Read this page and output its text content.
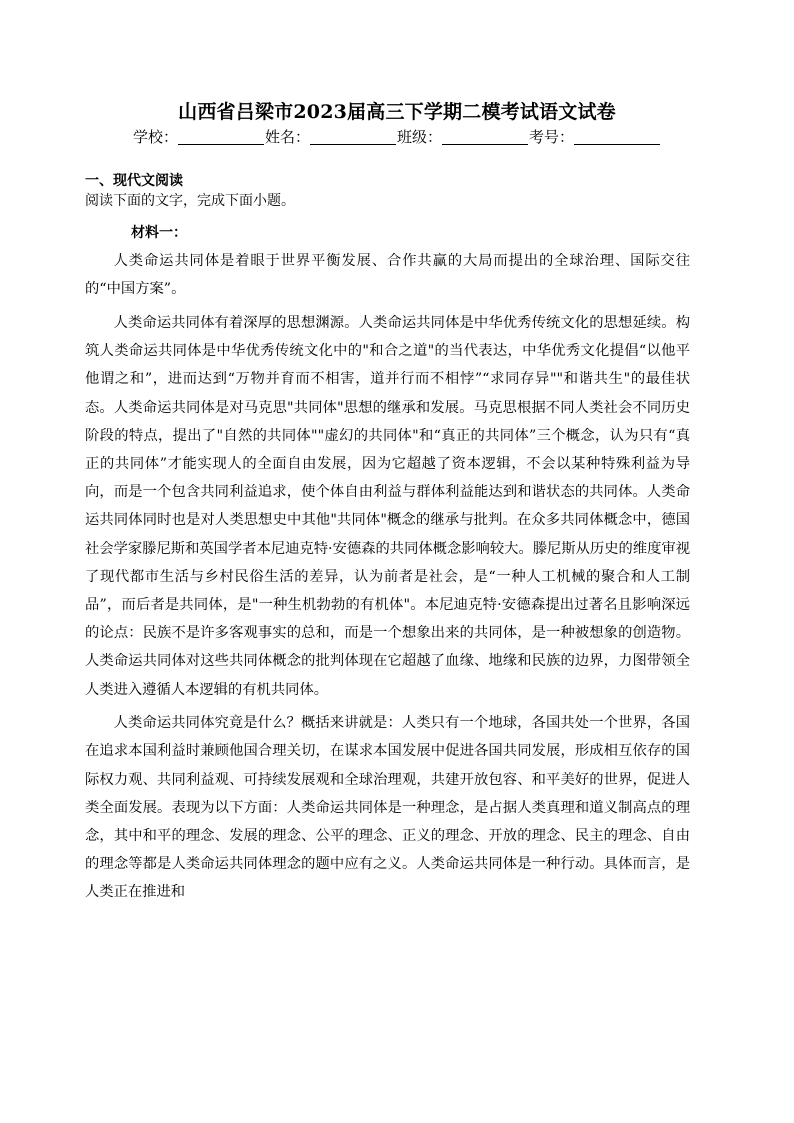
山西省吕梁市2023届高三下学期二模考试语文试卷
学校：	姓名：	班级：	考号：
一、现代文阅读
阅读下面的文字，完成下面小题。
材料一：

人类命运共同体是着眼于世界平衡发展、合作共赢的大局而提出的全球治理、国际交往的“中国方案”。

人类命运共同体有着深厚的思想渊源。人类命运共同体是中华优秀传统文化的思想延续。构筑人类命运共同体是中华优秀传统文化中的"和合之道"的当代表达，中华优秀文化提倡“以他平他谓之和”，进而达到“万物并育而不相害，道并行而不相悖”“求同存异""和谐共生"的最佳状态。人类命运共同体是对马克思"共同体"思想的继承和发展。马克思根据不同人类社会不同历史阶段的特点，提出了"自然的共同体""虚幻的共同体"和“真正的共同体”三个概念，认为只有“真正的共同体”才能实现人的全面自由发展，因为它超越了资本逻辑，不会以某种特殊利益为导向，而是一个包含共同利益追求，使个体自由利益与群体利益能达到和谐状态的共同体。人类命运共同体同时也是对人类思想史中其他"共同体"概念的继承与批判。在众多共同体概念中，德国社会学家滕尼斯和英国学者本尼迪克特·安德森的共同体概念影响较大。滕尼斯从历史的维度审视了现代都市生活与乡村民俗生活的差异，认为前者是社会，是“一种人工机械的聚合和人工制品”，而后者是共同体，是"一种生机勃勃的有机体"。本尼迪克特·安德森提出过著名且影响深远的论点：民族不是许多客观事实的总和，而是一个想象出来的共同体，是一种被想象的创造物。人类命运共同体对这些共同体概念的批判体现在它超越了血缘、地缘和民族的边界，力图带领全人类进入遵循人本逻辑的有机共同体。

人类命运共同体究竟是什么？概括来讲就是：人类只有一个地球，各国共处一个世界，各国在追求本国利益时兼顾他国合理关切，在谋求本国发展中促进各国共同发展，形成相互依存的国际权力观、共同利益观、可持续发展观和全球治理观，共建开放包容、和平美好的世界，促进人类全面发展。表现为以下方面：人类命运共同体是一种理念，是占据人类真理和道义制高点的理念，其中和平的理念、发展的理念、公平的理念、正义的理念、开放的理念、民主的理念、自由的理念等都是人类命运共同体理念的题中应有之义。人类命运共同体是一种行动。具体而言，是人类正在推进和
